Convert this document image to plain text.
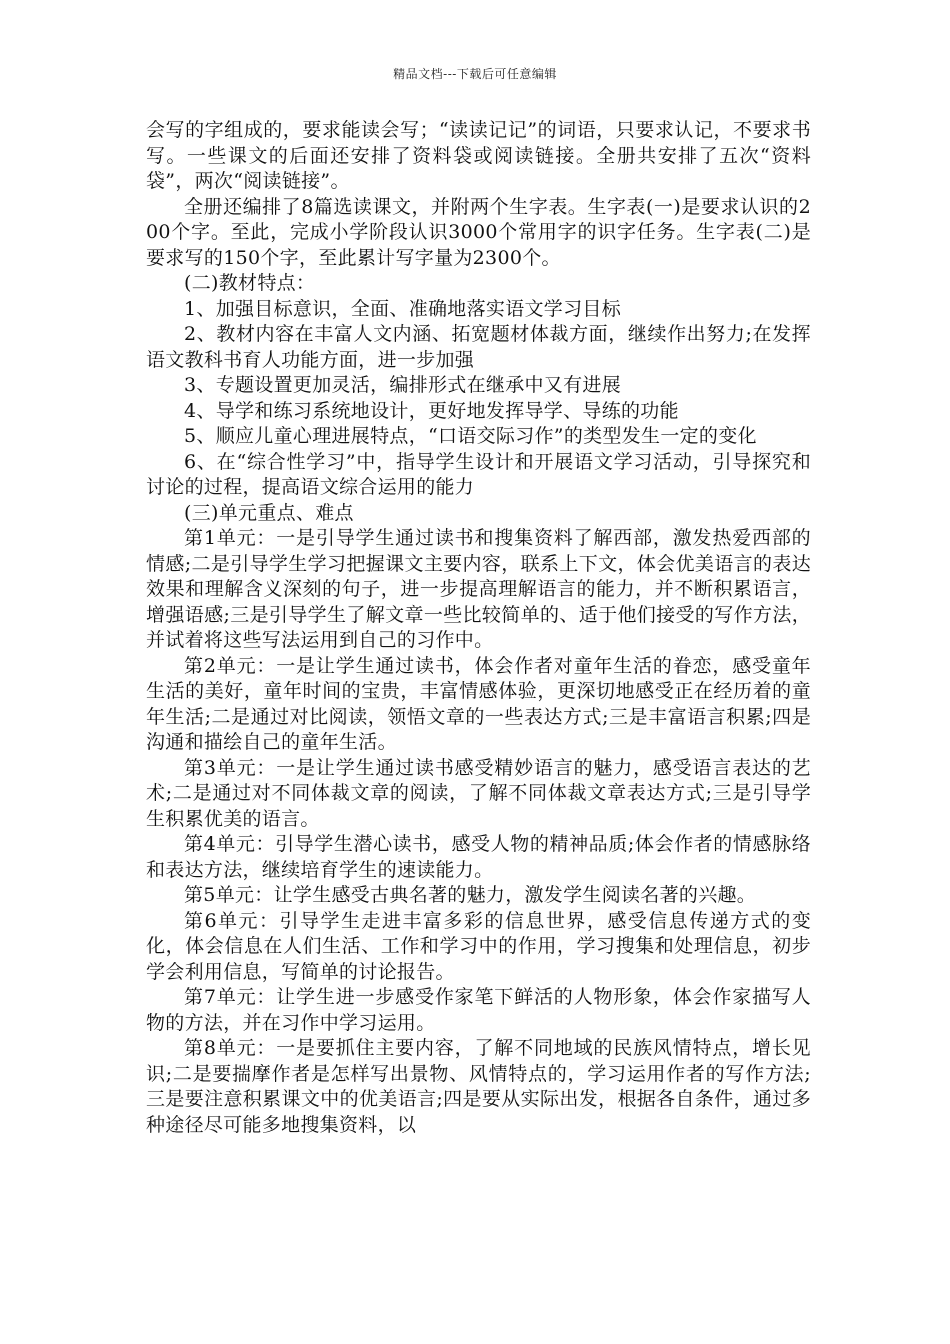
精品文档---下载后可任意编辑

会写的字组成的，要求能读会写；“读读记记”的词语，只要求认记，不要求书写。一些课文的后面还安排了资料袋或阅读链接。全册共安排了五次“资料袋”，两次“阅读链接”。

全册还编排了8篇选读课文，并附两个生字表。生字表(一)是要求认识的200个字。至此，完成小学阶段认识3000个常用字的识字任务。生字表(二)是要求写的150个字，至此累计写字量为2300个。

(二)教材特点：

1、加强目标意识，全面、准确地落实语文学习目标

2、教材内容在丰富人文内涵、拓宽题材体裁方面，继续作出努力;在发挥语文教科书育人功能方面，进一步加强

3、专题设置更加灵活，编排形式在继承中又有进展

4、导学和练习系统地设计，更好地发挥导学、导练的功能

5、顺应儿童心理进展特点，“口语交际习作”的类型发生一定的变化

6、在“综合性学习”中，指导学生设计和开展语文学习活动，引导探究和讨论的过程，提高语文综合运用的能力

(三)单元重点、难点

第1单元：一是引导学生通过读书和搜集资料了解西部，激发热爱西部的情感;二是引导学生学习把握课文主要内容，联系上下文，体会优美语言的表达效果和理解含义深刻的句子，进一步提高理解语言的能力，并不断积累语言，增强语感;三是引导学生了解文章一些比较简单的、适于他们接受的写作方法，并试着将这些写法运用到自己的习作中。

第2单元：一是让学生通过读书，体会作者对童年生活的眷恋，感受童年生活的美好，童年时间的宝贵，丰富情感体验，更深切地感受正在经历着的童年生活;二是通过对比阅读，领悟文章的一些表达方式;三是丰富语言积累;四是沟通和描绘自己的童年生活。

第3单元：一是让学生通过读书感受精妙语言的魅力，感受语言表达的艺术;二是通过对不同体裁文章的阅读，了解不同体裁文章表达方式;三是引导学生积累优美的语言。

第4单元：引导学生潜心读书，感受人物的精神品质;体会作者的情感脉络和表达方法，继续培育学生的速读能力。

第5单元：让学生感受古典名著的魅力，激发学生阅读名著的兴趣。

第6单元：引导学生走进丰富多彩的信息世界，感受信息传递方式的变化，体会信息在人们生活、工作和学习中的作用，学习搜集和处理信息，初步学会利用信息，写简单的讨论报告。

第7单元：让学生进一步感受作家笔下鲜活的人物形象，体会作家描写人物的方法，并在习作中学习运用。

第8单元：一是要抓住主要内容，了解不同地域的民族风情特点，增长见识;二是要揣摩作者是怎样写出景物、风情特点的，学习运用作者的写作方法;三是要注意积累课文中的优美语言;四是要从实际出发，根据各自条件，通过多种途径尽可能多地搜集资料，以
